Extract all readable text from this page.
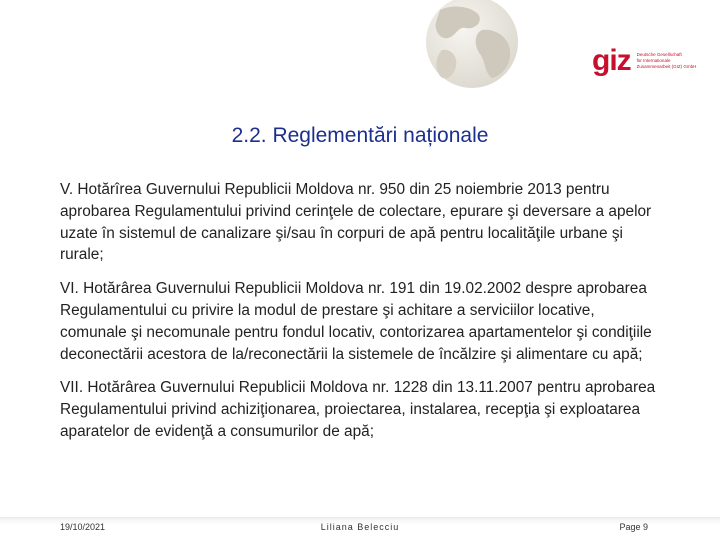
giz Deutsche Gesellschaft
für Internationale
Zusammenarbeit (GIZ) GmbH
2.2. Reglementări naționale

V. Hotărîrea Guvernului Republicii Moldova nr. 950 din 25 noiembrie 2013 pentru aprobarea Regulamentului privind cerinţele de colectare, epurare şi deversare a apelor uzate în sistemul de canalizare şi/sau în corpuri de apă pentru localităţile urbane şi rurale;

VI. Hotărârea Guvernului Republicii Moldova nr. 191 din 19.02.2002 despre aprobarea Regulamentului cu privire la modul de prestare şi achitare a serviciilor locative, comunale şi necomunale pentru fondul locativ, contorizarea apartamentelor şi condiţiile deconectării acestora de la/reconectării la sistemele de încălzire şi alimentare cu apă;

VII. Hotărârea Guvernului Republicii Moldova nr. 1228 din 13.11.2007 pentru aprobarea Regulamentului privind achiziţionarea, proiectarea, instalarea, recepţia şi exploatarea aparatelor de evidenţă a consumurilor de apă;

19/10/2021	Liliana Belecciu	Page 9
